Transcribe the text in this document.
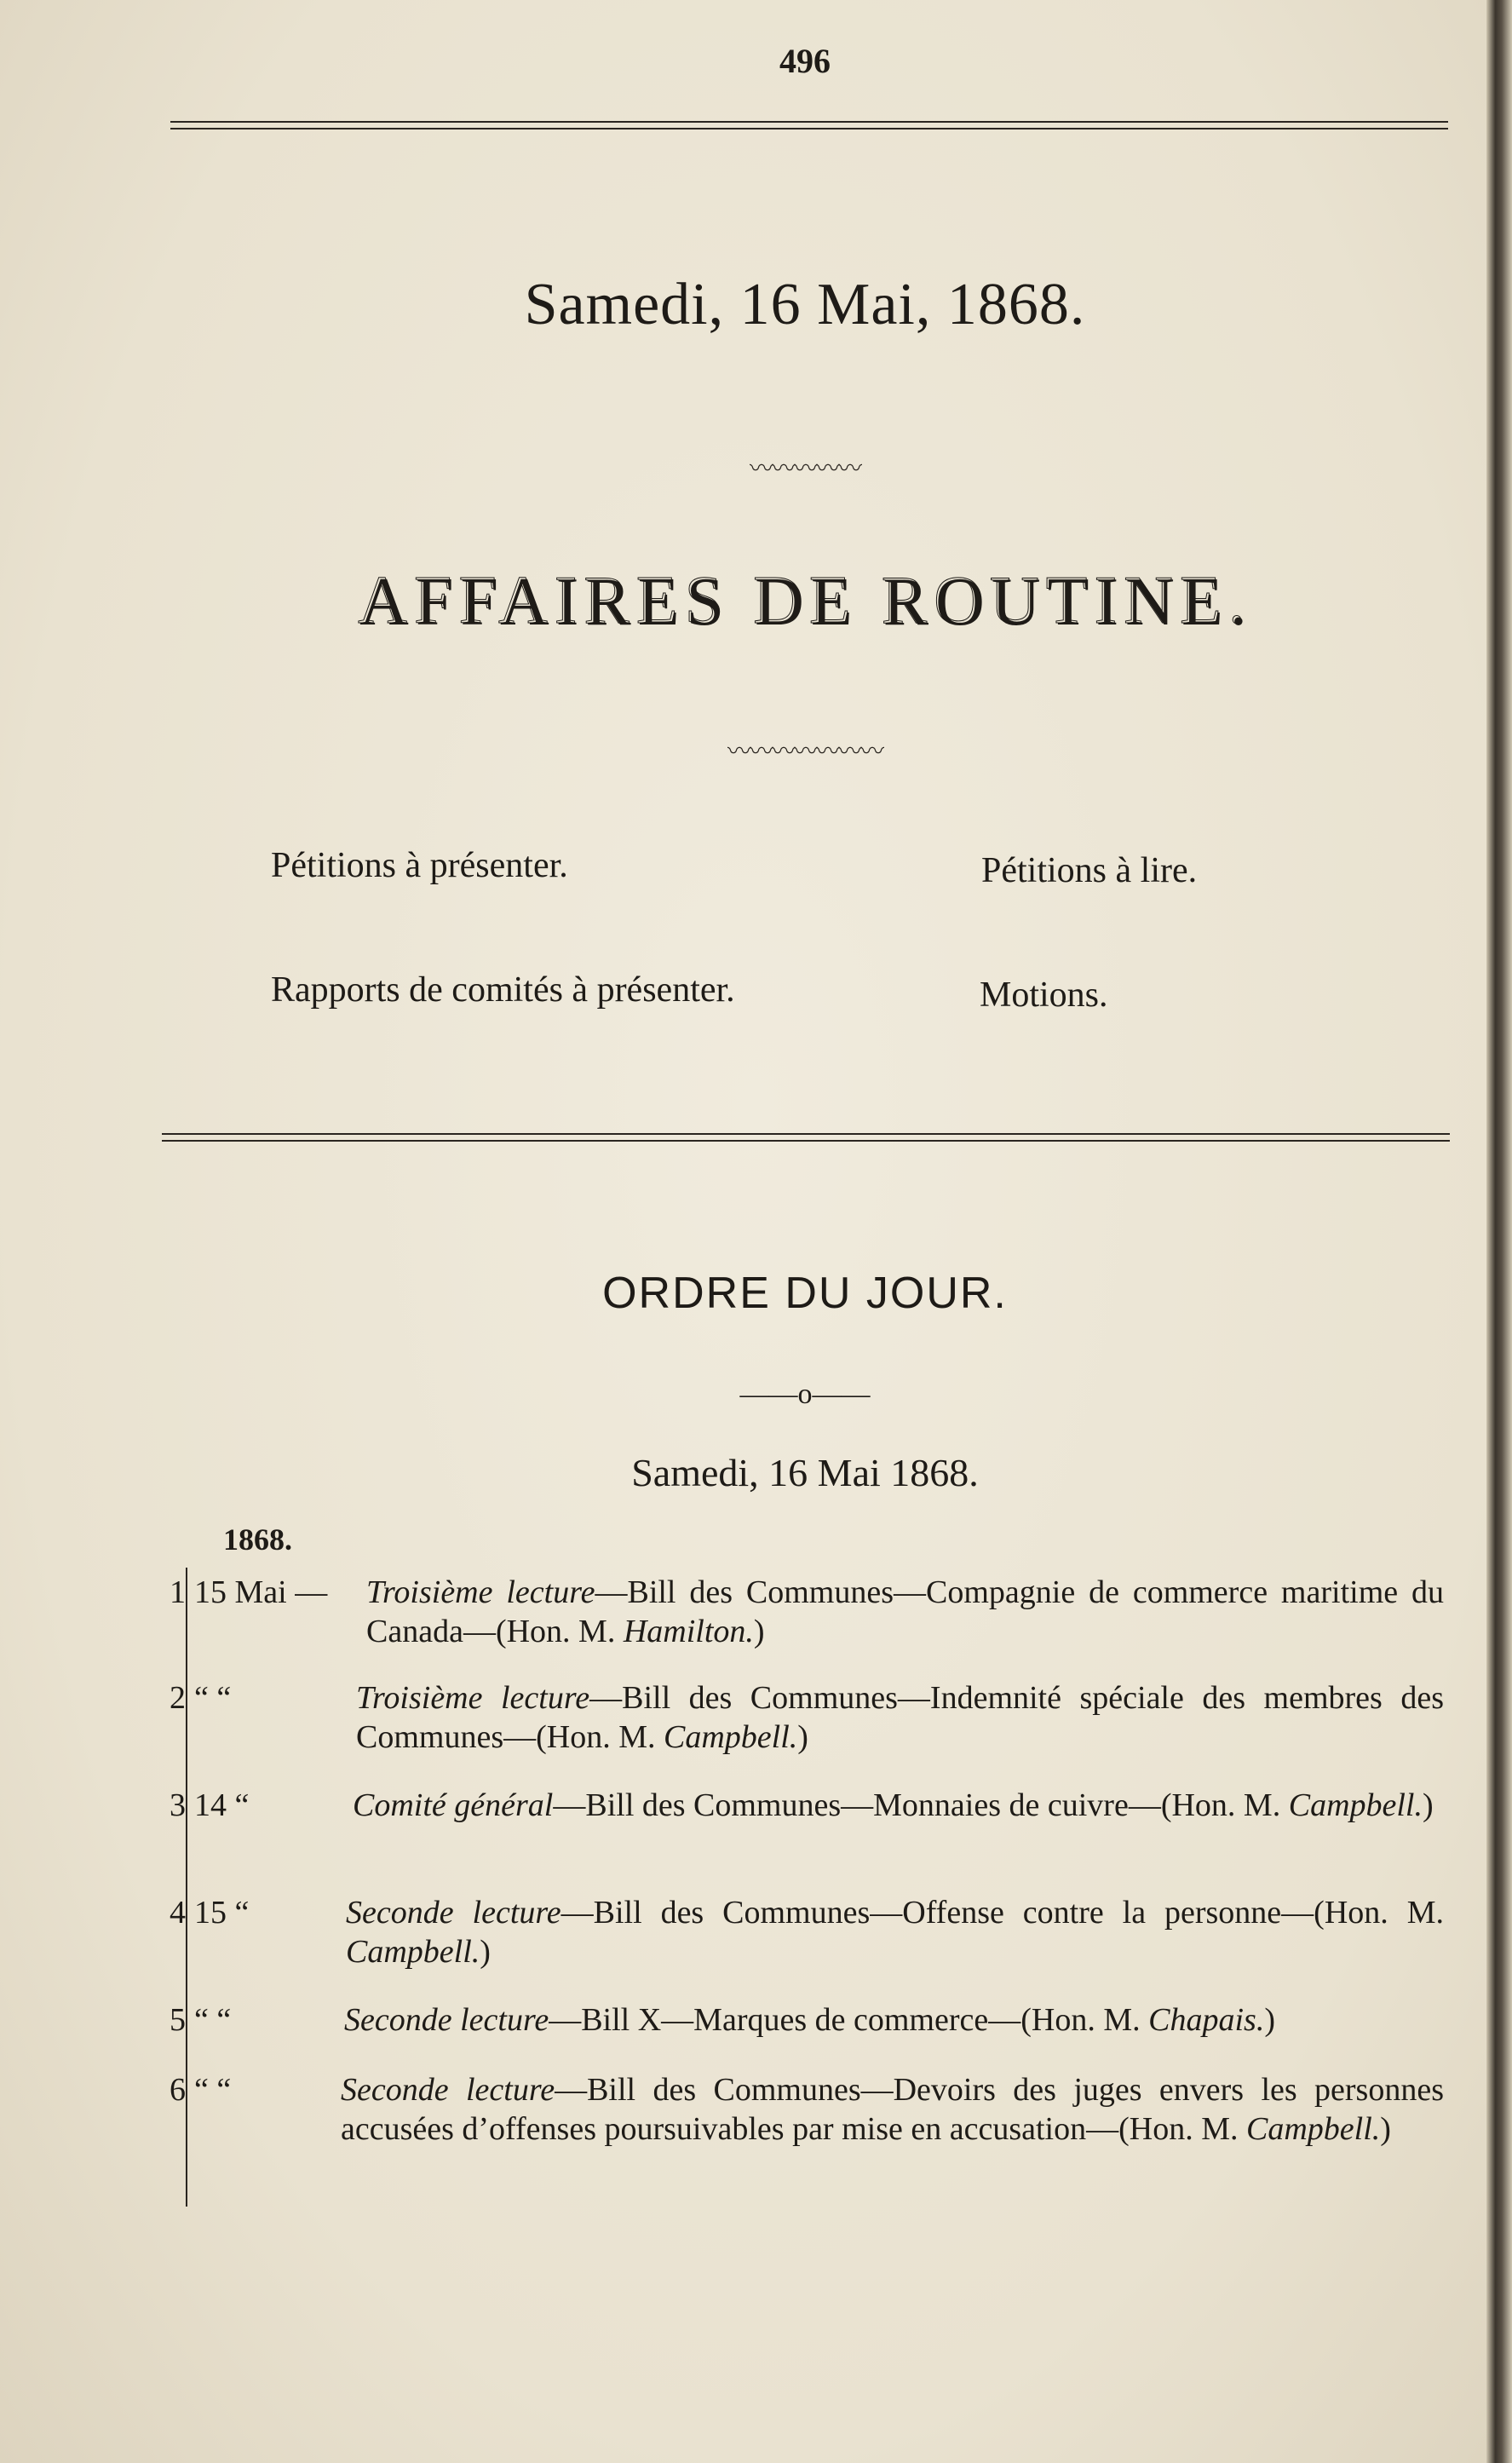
496
Samedi, 16 Mai, 1868.
〰〰〰〰〰
AFFAIRES DE ROUTINE.
〰〰〰〰〰〰〰
Pétitions à présenter.	Pétitions à lire.
Rapports de comités à présenter.	Motions.
ORDRE DU JOUR.
——o——
Samedi, 16 Mai 1868.
1868.
1 15 Mai — Troisième lecture—Bill des Communes—Compagnie de commerce maritime du Canada—(Hon. M. Hamilton.)
2 “ “	Troisième lecture—Bill des Communes—Indemnité spéciale des membres des Communes—(Hon. M. Campbell.)
3 14 “	Comité général—Bill des Communes—Monnaies de cuivre—(Hon. M. Campbell.)
4 15 “	Seconde lecture—Bill des Communes—Offense contre la personne—(Hon. M. Campbell.)
5 “ “	Seconde lecture—Bill X—Marques de commerce—(Hon. M. Chapais.)
6 “ “	Seconde lecture—Bill des Communes—Devoirs des juges envers les personnes accusées d’offenses poursuivables par mise en accusation—(Hon. M. Campbell.)
